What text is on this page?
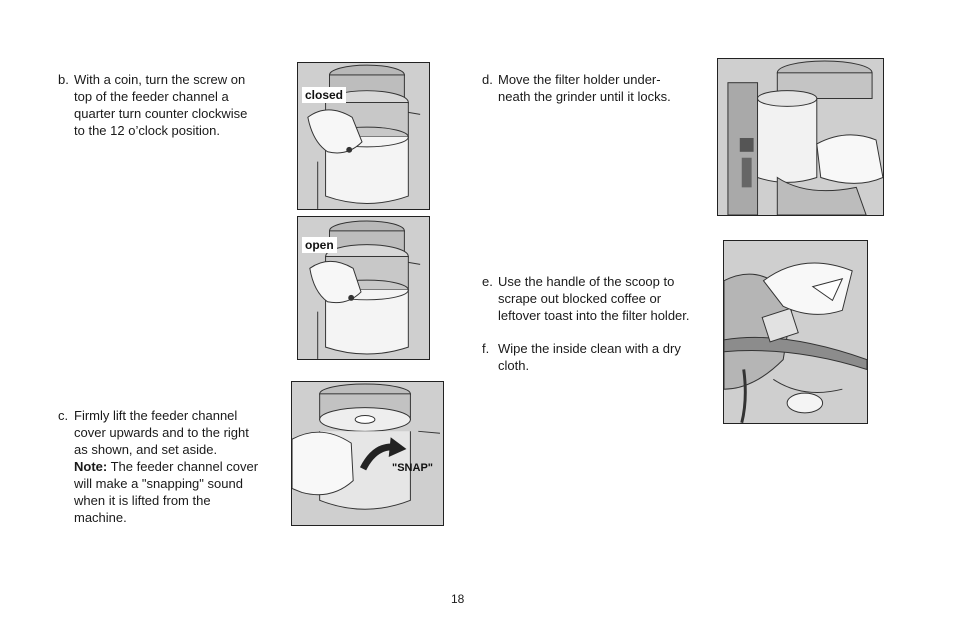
b. With a coin, turn the screw on
top of the feeder channel a
quarter turn counter clockwise
to the 12 o’clock position.
c. Firmly lift the feeder channel
cover upwards and to the right
as shown, and set aside.
Note: The feeder channel cover
will make a "snapping" sound
when it is lifted from the
machine.
d. Move the filter holder under-
neath the grinder until it locks.
e. Use the handle of the scoop to
scrape out blocked coffee or
leftover toast into the filter holder.
f. Wipe the inside clean with a dry
cloth.
closed
open
"SNAP"
18
